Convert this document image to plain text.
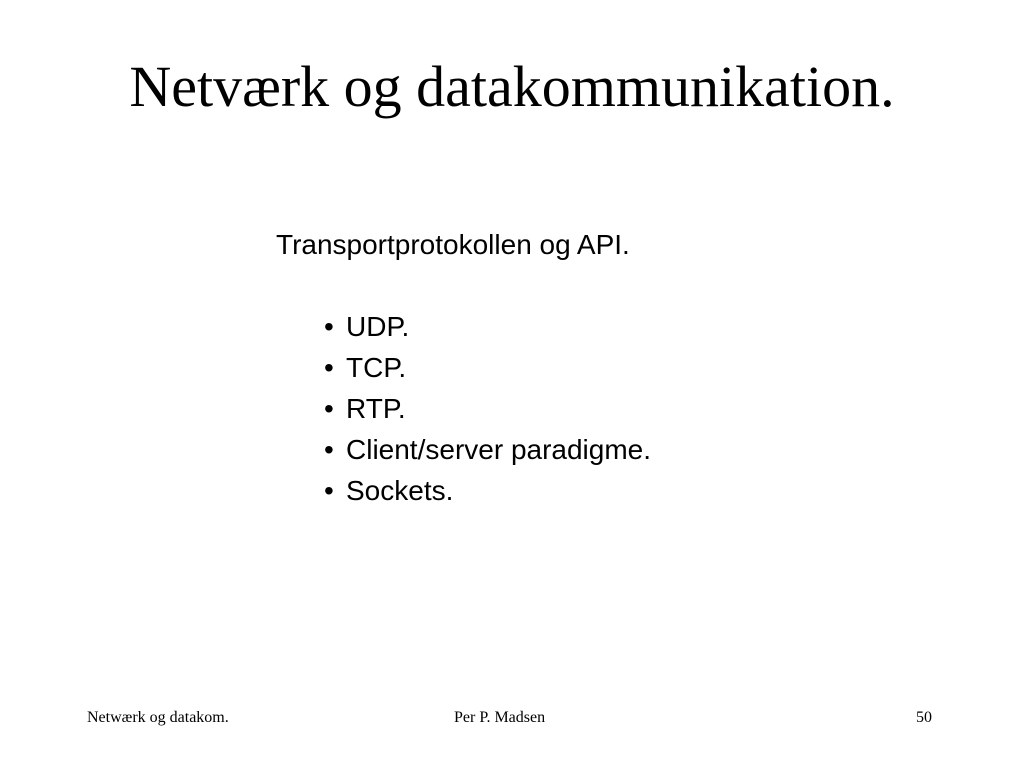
Netværk og datakommunikation.
Transportprotokollen og API.
• UDP.
• TCP.
• RTP.
• Client/server paradigme.
• Sockets.
Netwærk og datakom.	Per P. Madsen	50
